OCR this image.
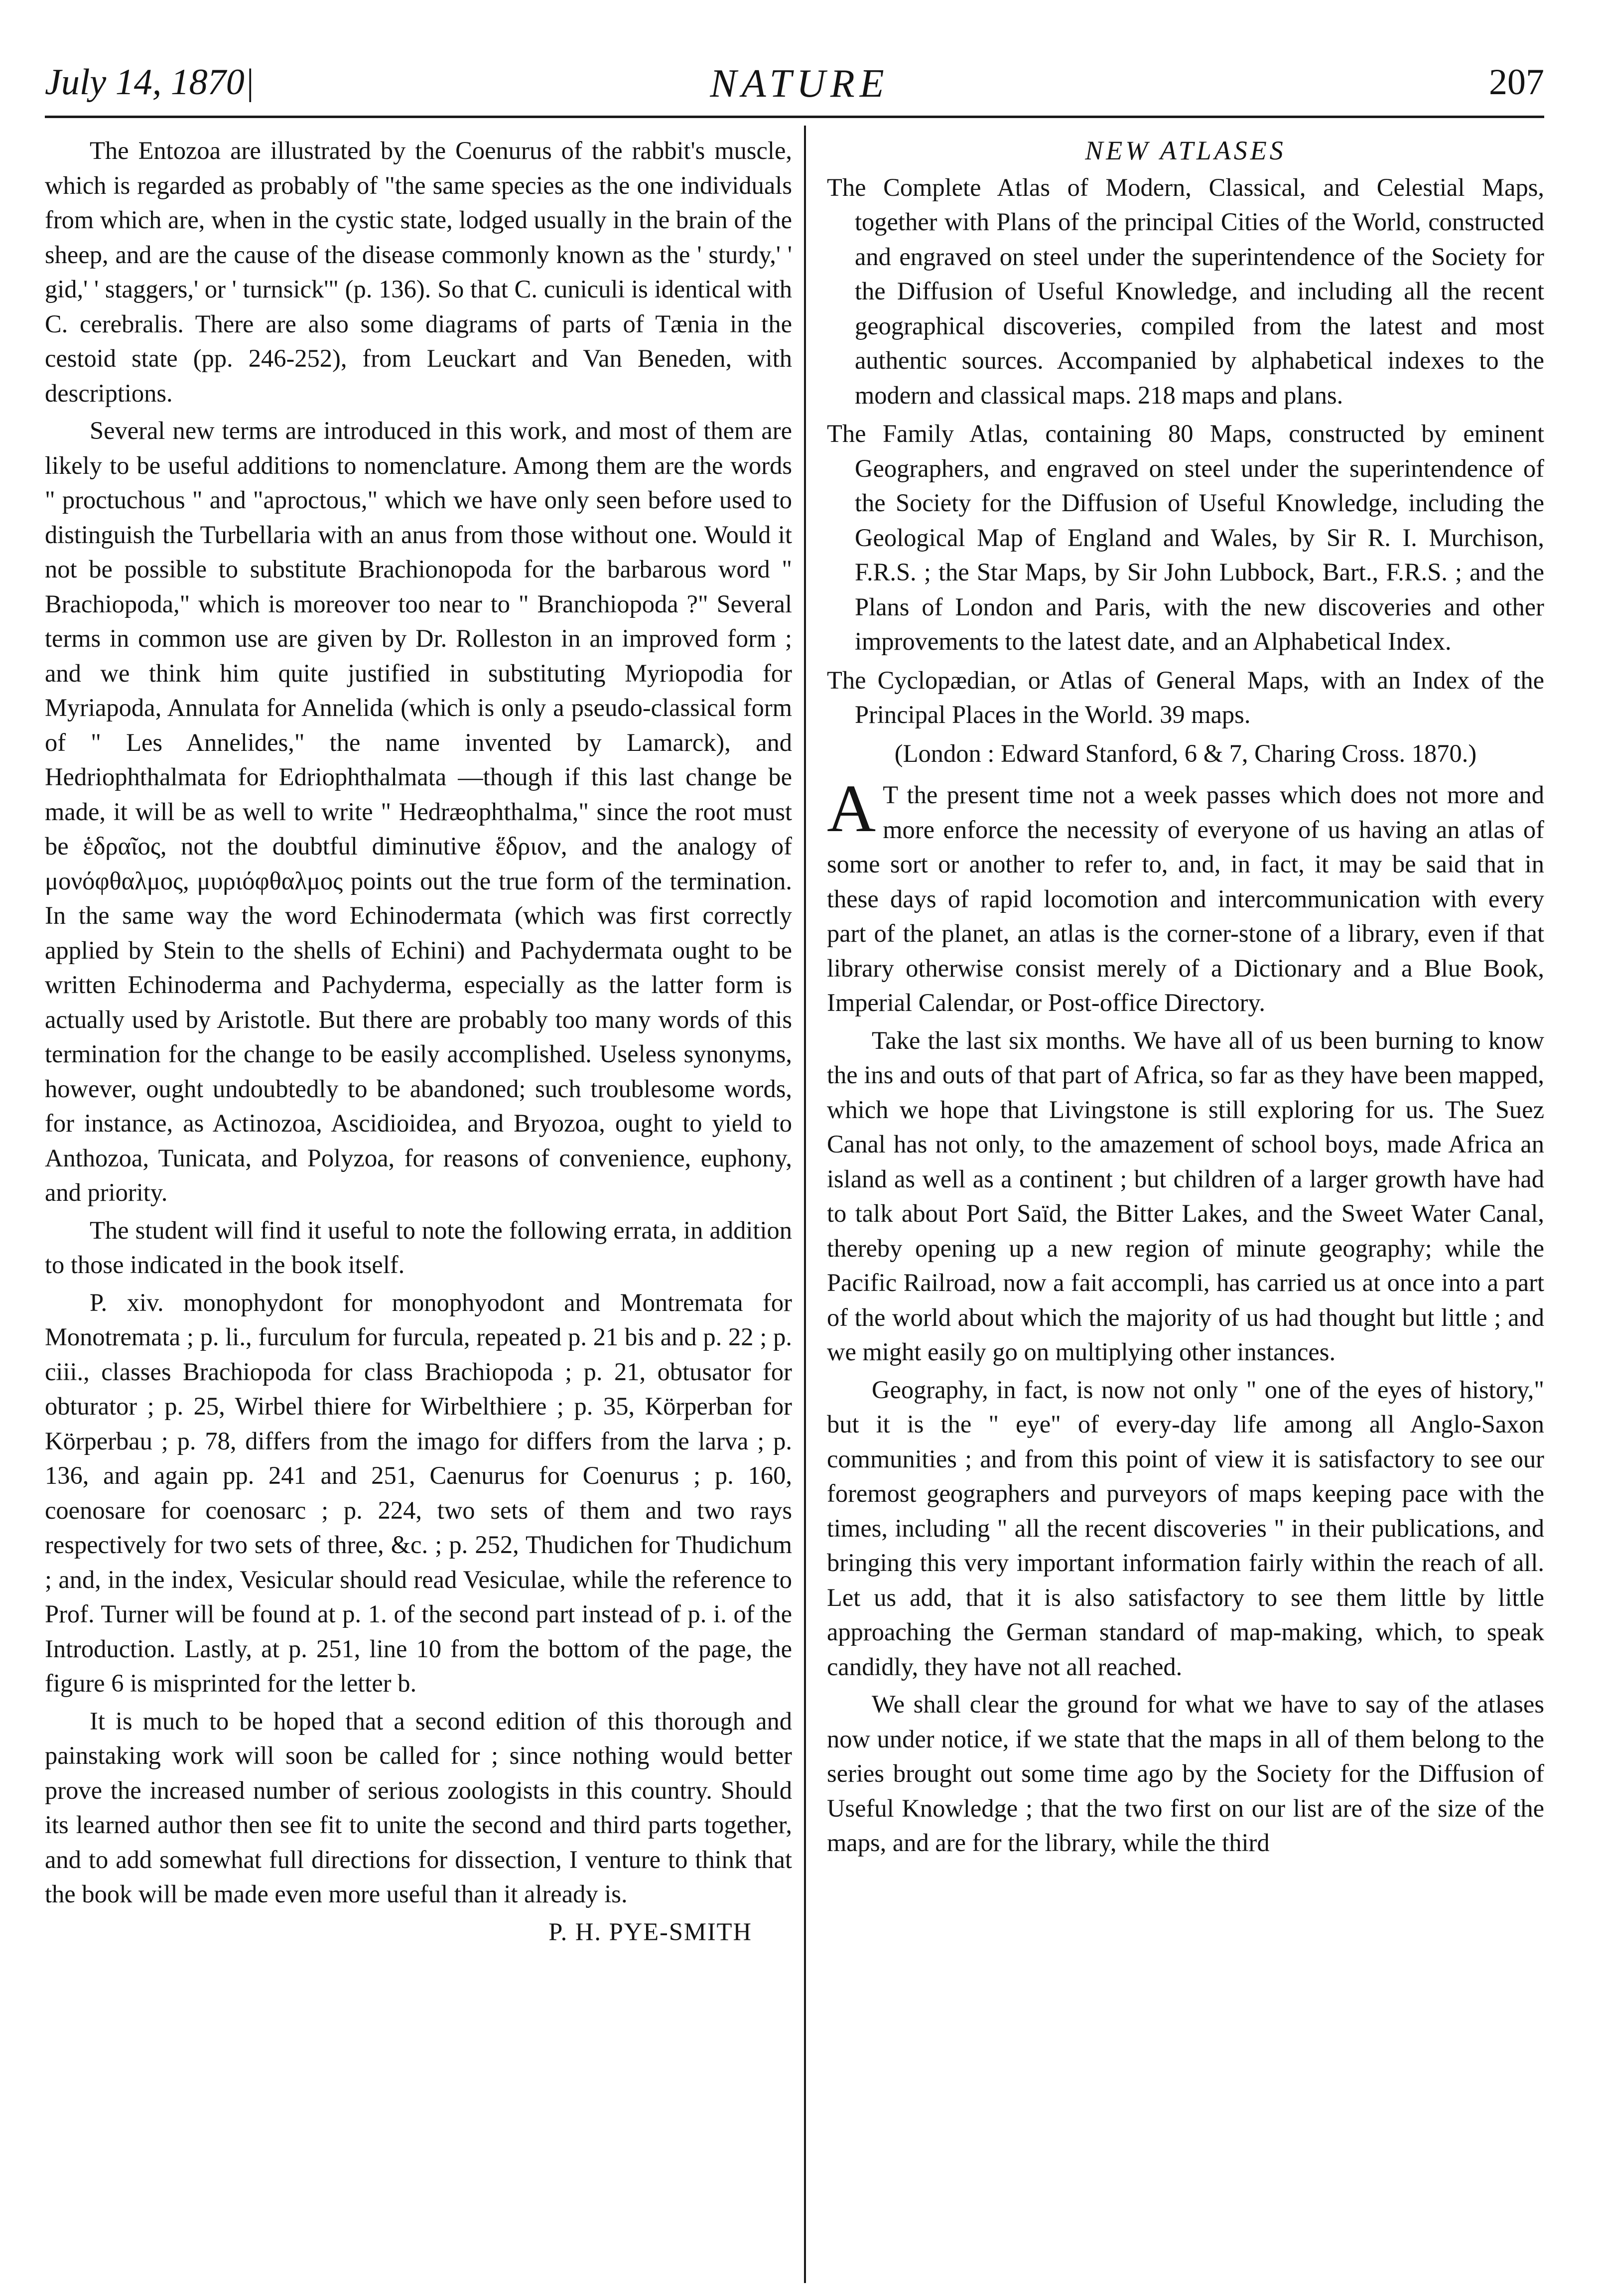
July 14, 1870|	NATURE	207

The Entozoa are illustrated by the Coenurus of the rabbit's muscle, which is regarded as probably of "the same species as the one individuals from which are, when in the cystic state, lodged usually in the brain of the sheep, and are the cause of the disease commonly known as the ' sturdy,' ' gid,' ' staggers,' or ' turnsick'" (p. 136). So that C. cuniculi is identical with C. cerebralis. There are also some diagrams of parts of Tænia in the cestoid state (pp. 246-252), from Leuckart and Van Beneden, with descriptions.

Several new terms are introduced in this work, and most of them are likely to be useful additions to nomenclature. Among them are the words " proctuchous " and "aproctous," which we have only seen before used to distinguish the Turbellaria with an anus from those without one. Would it not be possible to substitute Brachionopoda for the barbarous word " Brachiopoda," which is moreover too near to " Branchiopoda ?" Several terms in common use are given by Dr. Rolleston in an improved form ; and we think him quite justified in substituting Myriopodia for Myriapoda, Annulata for Annelida (which is only a pseudo-classical form of " Les Annelides," the name invented by Lamarck), and Hedriophthalmata for Edriophthalmata —though if this last change be made, it will be as well to write " Hedræophthalma," since the root must be ἑδραῖος, not the doubtful diminutive ἕδριον, and the analogy of μονόφθαλμος, μυριόφθαλμος points out the true form of the termination. In the same way the word Echinodermata (which was first correctly applied by Stein to the shells of Echini) and Pachydermata ought to be written Echinoderma and Pachyderma, especially as the latter form is actually used by Aristotle. But there are probably too many words of this termination for the change to be easily accomplished. Useless synonyms, however, ought undoubtedly to be abandoned; such troublesome words, for instance, as Actinozoa, Ascidioidea, and Bryozoa, ought to yield to Anthozoa, Tunicata, and Polyzoa, for reasons of convenience, euphony, and priority.

The student will find it useful to note the following errata, in addition to those indicated in the book itself.

P. xiv. monophydont for monophyodont and Montremata for Monotremata ; p. li., furculum for furcula, repeated p. 21 bis and p. 22 ; p. ciii., classes Brachiopoda for class Brachiopoda ; p. 21, obtusator for obturator ; p. 25, Wirbel thiere for Wirbelthiere ; p. 35, Körperban for Körperbau ; p. 78, differs from the imago for differs from the larva ; p. 136, and again pp. 241 and 251, Caenurus for Coenurus ; p. 160, coenosare for coenosarc ; p. 224, two sets of them and two rays respectively for two sets of three, &c. ; p. 252, Thudichen for Thudichum ; and, in the index, Vesicular should read Vesiculae, while the reference to Prof. Turner will be found at p. 1. of the second part instead of p. i. of the Introduction. Lastly, at p. 251, line 10 from the bottom of the page, the figure 6 is misprinted for the letter b.

It is much to be hoped that a second edition of this thorough and painstaking work will soon be called for ; since nothing would better prove the increased number of serious zoologists in this country. Should its learned author then see fit to unite the second and third parts together, and to add somewhat full directions for dissection, I venture to think that the book will be made even more useful than it already is.

P. H. PYE-SMITH

NEW ATLASES

The Complete Atlas of Modern, Classical, and Celestial Maps, together with Plans of the principal Cities of the World, constructed and engraved on steel under the superintendence of the Society for the Diffusion of Useful Knowledge, and including all the recent geographical discoveries, compiled from the latest and most authentic sources. Accompanied by alphabetical indexes to the modern and classical maps. 218 maps and plans.

The Family Atlas, containing 80 Maps, constructed by eminent Geographers, and engraved on steel under the superintendence of the Society for the Diffusion of Useful Knowledge, including the Geological Map of England and Wales, by Sir R. I. Murchison, F.R.S. ; the Star Maps, by Sir John Lubbock, Bart., F.R.S. ; and the Plans of London and Paris, with the new discoveries and other improvements to the latest date, and an Alphabetical Index.

The Cyclopædian, or Atlas of General Maps, with an Index of the Principal Places in the World. 39 maps.

(London : Edward Stanford, 6 & 7, Charing Cross. 1870.)

A T the present time not a week passes which does not more and more enforce the necessity of everyone of us having an atlas of some sort or another to refer to, and, in fact, it may be said that in these days of rapid locomotion and intercommunication with every part of the planet, an atlas is the corner-stone of a library, even if that library otherwise consist merely of a Dictionary and a Blue Book, Imperial Calendar, or Post-office Directory.

Take the last six months. We have all of us been burning to know the ins and outs of that part of Africa, so far as they have been mapped, which we hope that Livingstone is still exploring for us. The Suez Canal has not only, to the amazement of school boys, made Africa an island as well as a continent ; but children of a larger growth have had to talk about Port Saïd, the Bitter Lakes, and the Sweet Water Canal, thereby opening up a new region of minute geography; while the Pacific Railroad, now a fait accompli, has carried us at once into a part of the world about which the majority of us had thought but little ; and we might easily go on multiplying other instances.

Geography, in fact, is now not only " one of the eyes of history," but it is the " eye" of every-day life among all Anglo-Saxon communities ; and from this point of view it is satisfactory to see our foremost geographers and purveyors of maps keeping pace with the times, including " all the recent discoveries " in their publications, and bringing this very important information fairly within the reach of all. Let us add, that it is also satisfactory to see them little by little approaching the German standard of map-making, which, to speak candidly, they have not all reached.

We shall clear the ground for what we have to say of the atlases now under notice, if we state that the maps in all of them belong to the series brought out some time ago by the Society for the Diffusion of Useful Knowledge ; that the two first on our list are of the size of the maps, and are for the library, while the third
